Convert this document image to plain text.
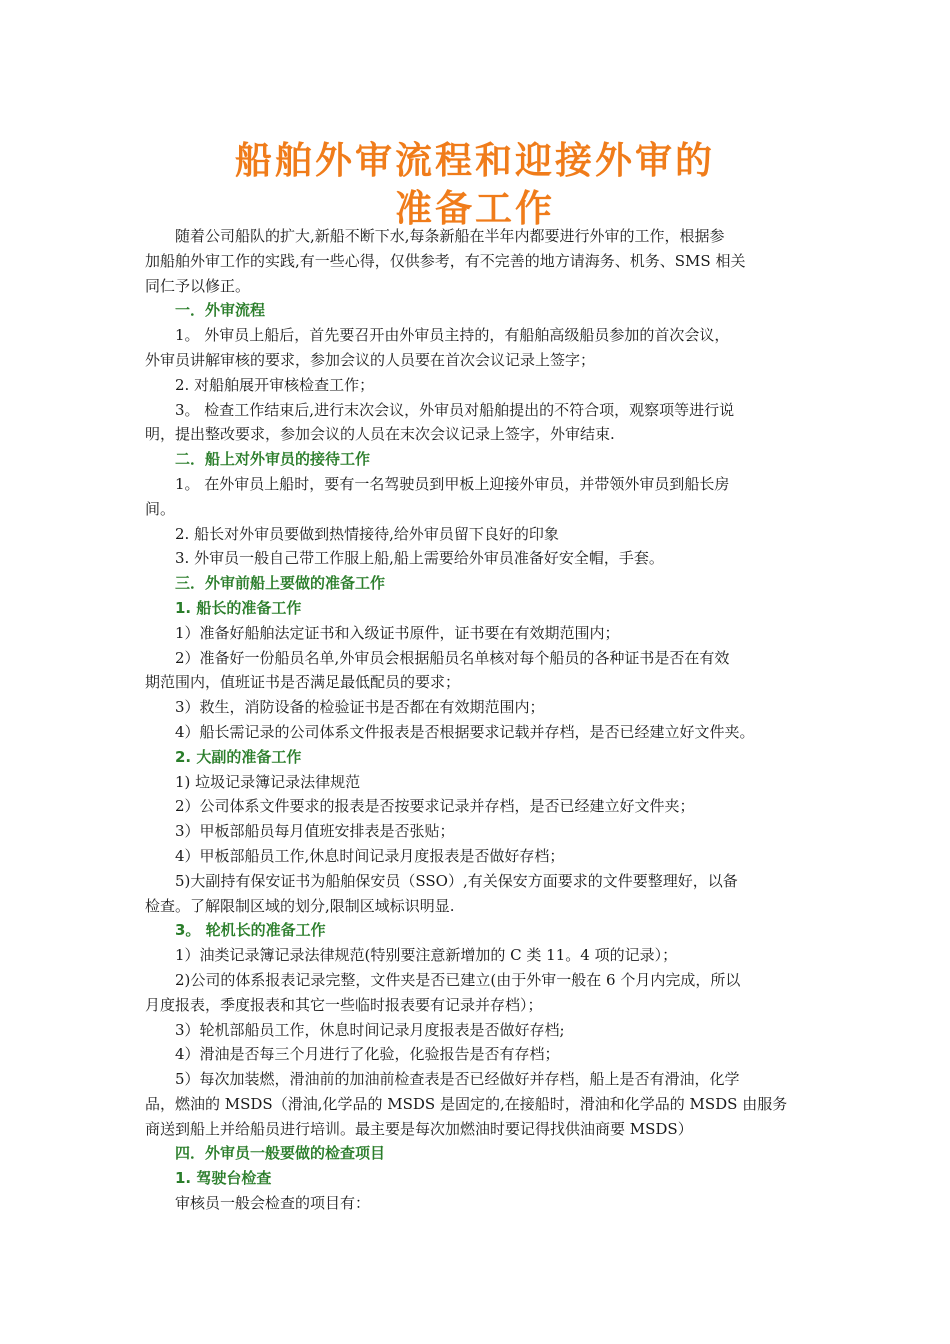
船舶外审流程和迎接外审的
准备工作
随着公司船队的扩大,新船不断下水,每条新船在半年内都要进行外审的工作，根据参
加船舶外审工作的实践,有一些心得，仅供参考，有不完善的地方请海务、机务、SMS 相关
同仁予以修正。
一．外审流程
1。 外审员上船后，首先要召开由外审员主持的，有船舶高级船员参加的首次会议，
外审员讲解审核的要求，参加会议的人员要在首次会议记录上签字；
2. 对船舶展开审核检查工作；
3。 检查工作结束后,进行末次会议，外审员对船舶提出的不符合项，观察项等进行说
明，提出整改要求，参加会议的人员在末次会议记录上签字，外审结束.
二．船上对外审员的接待工作
1。 在外审员上船时，要有一名驾驶员到甲板上迎接外审员，并带领外审员到船长房
间。
2. 船长对外审员要做到热情接待,给外审员留下良好的印象
3. 外审员一般自己带工作服上船,船上需要给外审员准备好安全帽，手套。
三．外审前船上要做的准备工作
1. 船长的准备工作
1）准备好船舶法定证书和入级证书原件，证书要在有效期范围内；
2）准备好一份船员名单,外审员会根据船员名单核对每个船员的各种证书是否在有效
期范围内，值班证书是否满足最低配员的要求；
3）救生，消防设备的检验证书是否都在有效期范围内；
4）船长需记录的公司体系文件报表是否根据要求记载并存档，是否已经建立好文件夹。
2. 大副的准备工作
1) 垃圾记录簿记录法律规范
2）公司体系文件要求的报表是否按要求记录并存档，是否已经建立好文件夹；
3）甲板部船员每月值班安排表是否张贴；
4）甲板部船员工作,休息时间记录月度报表是否做好存档；
5)大副持有保安证书为船舶保安员（SSO）,有关保安方面要求的文件要整理好，以备
检查。了解限制区域的划分,限制区域标识明显.
3。 轮机长的准备工作
1）油类记录簿记录法律规范(特别要注意新增加的 C 类 11。4 项的记录）；
2)公司的体系报表记录完整，文件夹是否已建立(由于外审一般在 6 个月内完成，所以
月度报表，季度报表和其它一些临时报表要有记录并存档）；
3）轮机部船员工作，休息时间记录月度报表是否做好存档;
4）滑油是否每三个月进行了化验，化验报告是否有存档；
5）每次加装燃，滑油前的加油前检查表是否已经做好并存档，船上是否有滑油，化学
品，燃油的 MSDS（滑油,化学品的 MSDS 是固定的,在接船时，滑油和化学品的 MSDS 由服务
商送到船上并给船员进行培训。最主要是每次加燃油时要记得找供油商要 MSDS）
四．外审员一般要做的检查项目
1. 驾驶台检查
审核员一般会检查的项目有：
